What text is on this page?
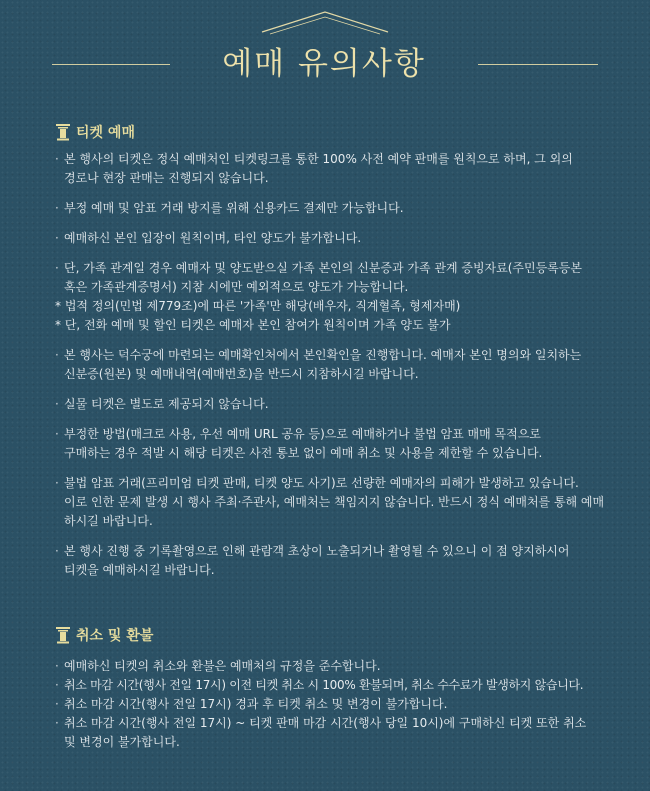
예매 유의사항
티켓 예매
· 본 행사의 티켓은 정식 예매처인 티켓링크를 통한 100% 사전 예약 판매를 원칙으로 하며, 그 외의
경로나 현장 판매는 진행되지 않습니다.
· 부정 예매 및 암표 거래 방지를 위해 신용카드 결제만 가능합니다.
· 예매하신 본인 입장이 원칙이며, 타인 양도가 불가합니다.
· 단, 가족 관계일 경우 예매자 및 양도받으실 가족 본인의 신분증과 가족 관계 증빙자료(주민등록등본
혹은 가족관계증명서) 지참 시에만 예외적으로 양도가 가능합니다.
* 법적 정의(민법 제779조)에 따른 '가족'만 해당(배우자, 직계혈족, 형제자매)
* 단, 전화 예매 및 할인 티켓은 예매자 본인 참여가 원칙이며 가족 양도 불가
· 본 행사는 덕수궁에 마련되는 예매확인처에서 본인확인을 진행합니다. 예매자 본인 명의와 일치하는
신분증(원본) 및 예매내역(예매번호)을 반드시 지참하시길 바랍니다.
· 실물 티켓은 별도로 제공되지 않습니다.
· 부정한 방법(매크로 사용, 우선 예매 URL 공유 등)으로 예매하거나 불법 암표 매매 목적으로
구매하는 경우 적발 시 해당 티켓은 사전 통보 없이 예매 취소 및 사용을 제한할 수 있습니다.
· 불법 암표 거래(프리미엄 티켓 판매, 티켓 양도 사기)로 선량한 예매자의 피해가 발생하고 있습니다.
이로 인한 문제 발생 시 행사 주최·주관사, 예매처는 책임지지 않습니다. 반드시 정식 예매처를 통해 예매
하시길 바랍니다.
· 본 행사 진행 중 기록촬영으로 인해 관람객 초상이 노출되거나 촬영될 수 있으니 이 점 양지하시어
티켓을 예매하시길 바랍니다.
취소 및 환불
· 예매하신 티켓의 취소와 환불은 예매처의 규정을 준수합니다.
· 취소 마감 시간(행사 전일 17시) 이전 티켓 취소 시 100% 환불되며, 취소 수수료가 발생하지 않습니다.
· 취소 마감 시간(행사 전일 17시) 경과 후 티켓 취소 및 변경이 불가합니다.
· 취소 마감 시간(행사 전일 17시) ~ 티켓 판매 마감 시간(행사 당일 10시)에 구매하신 티켓 또한 취소
및 변경이 불가합니다.
